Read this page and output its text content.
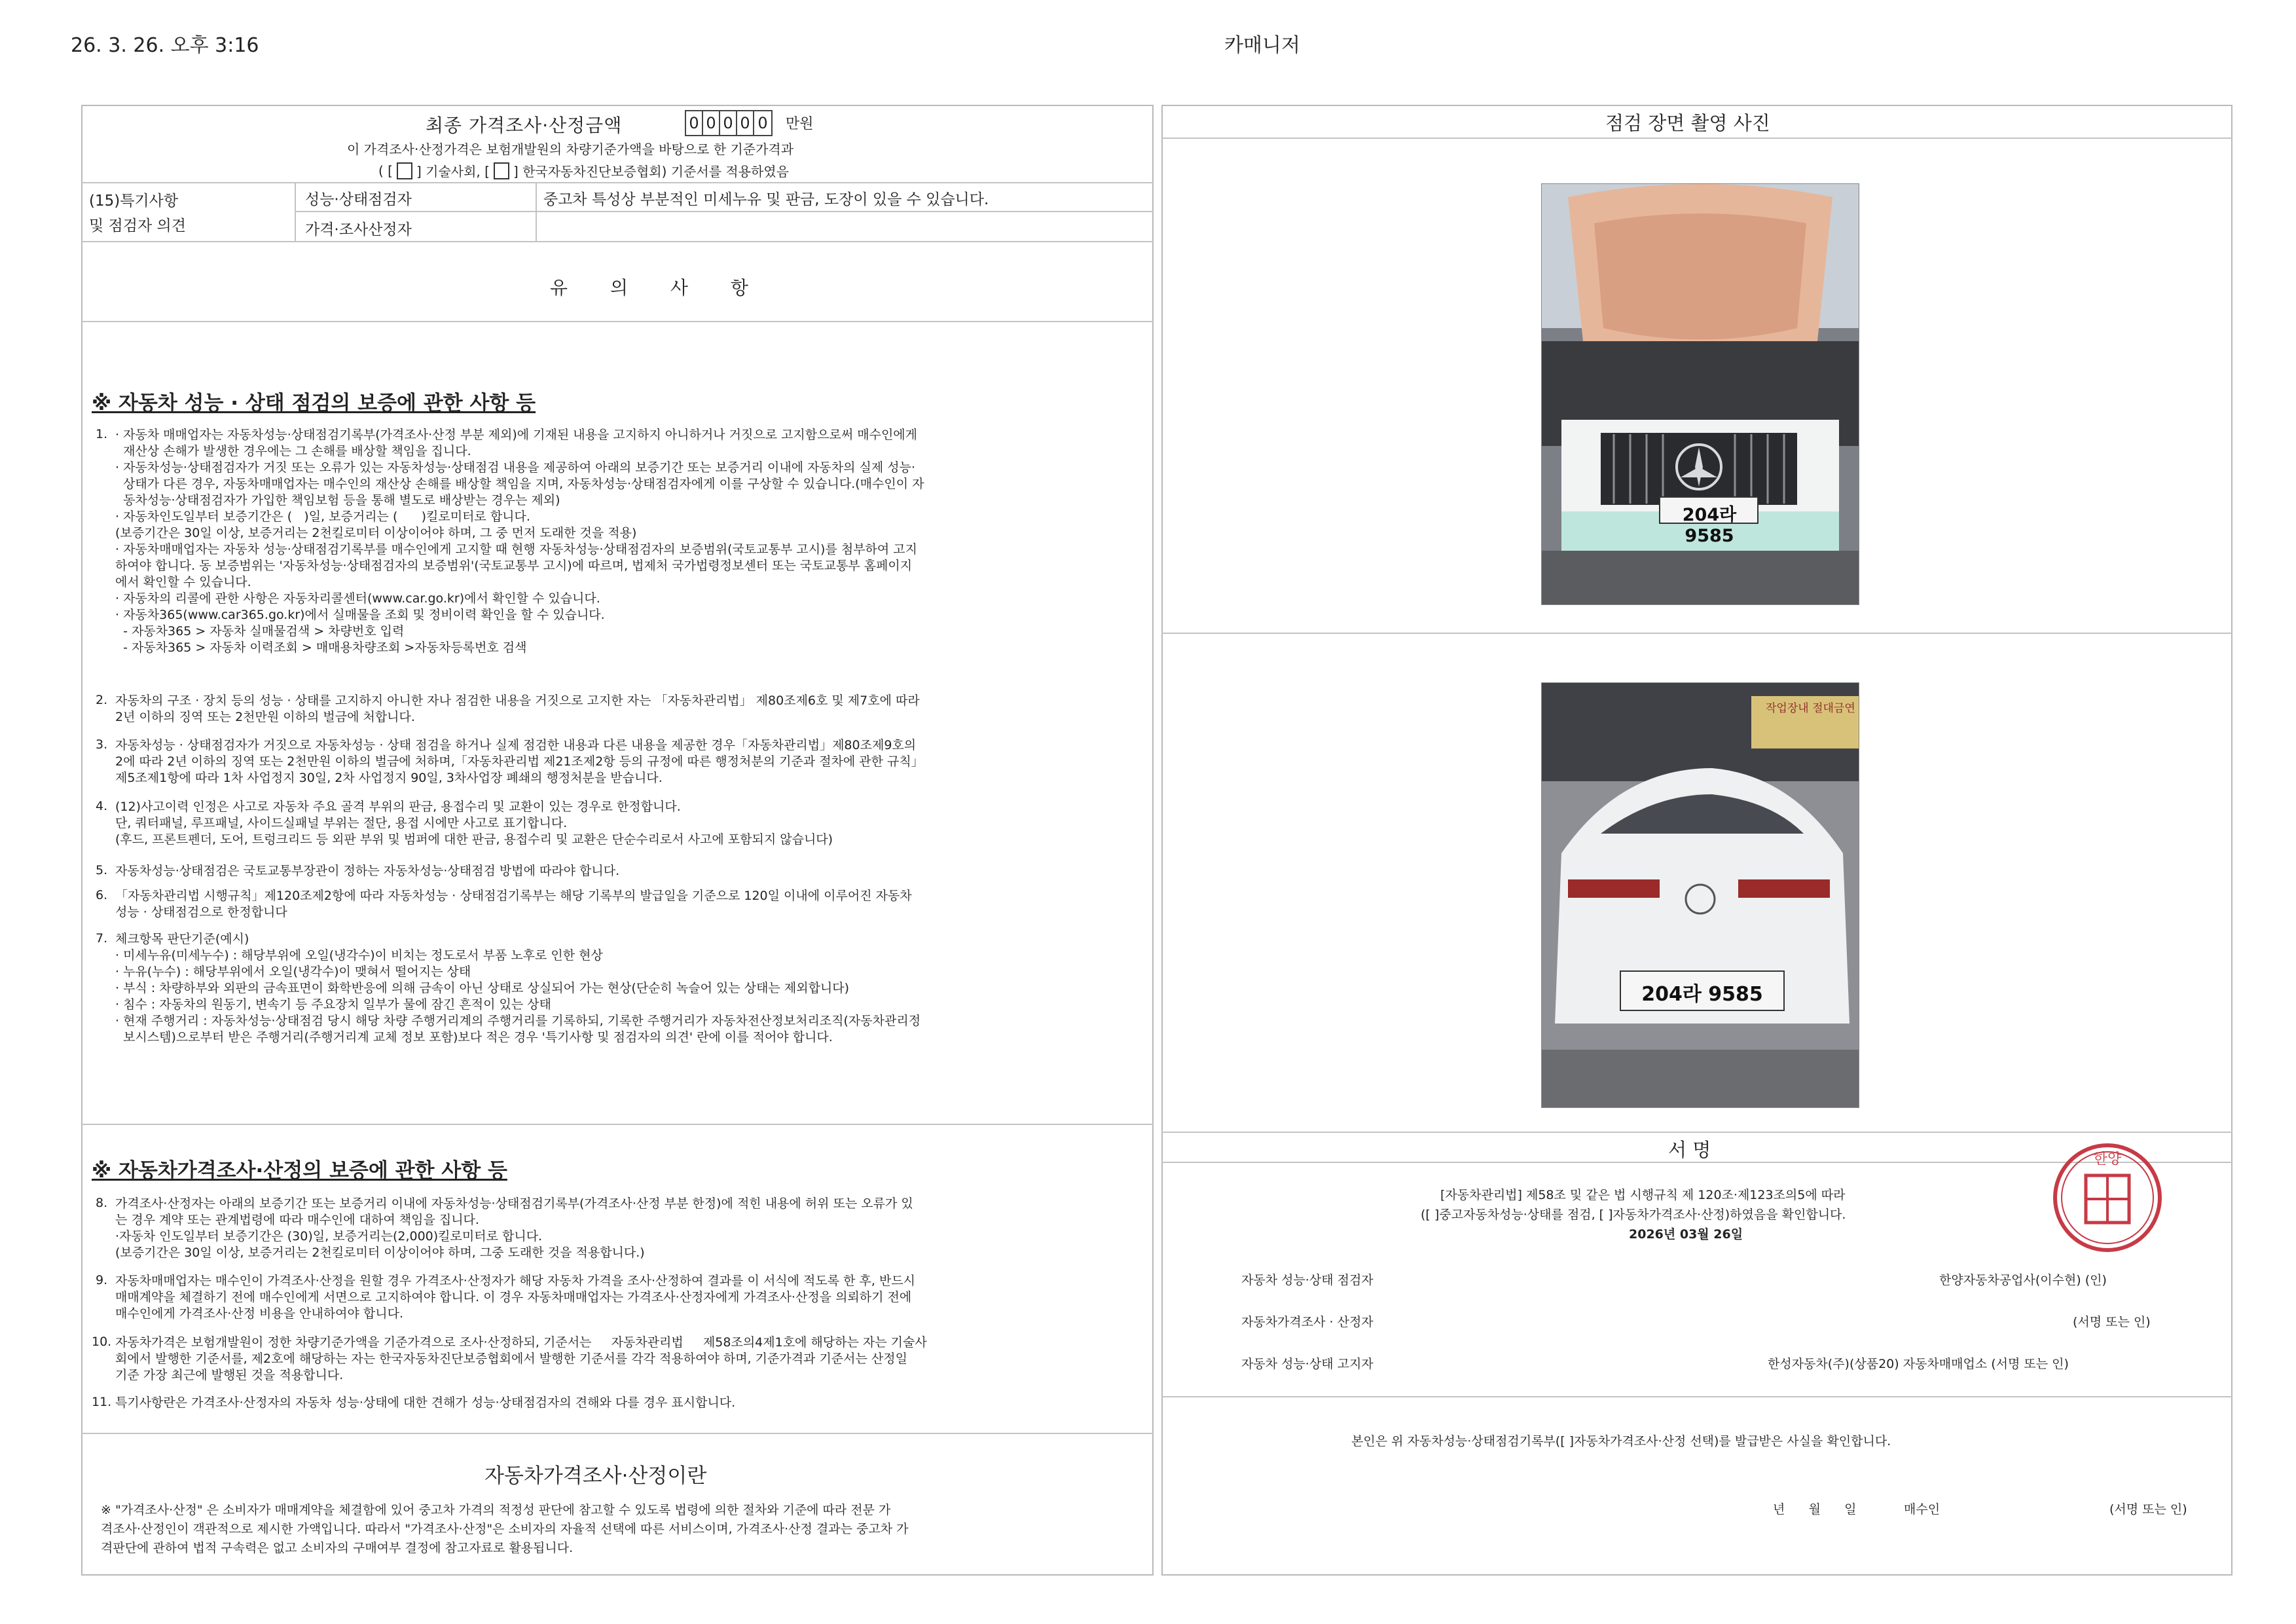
26. 3. 26. 오후 3:16	카매니저
최종 가격조사·산정금액	0 0 0 0 0 만원
이 가격조사·산정가격은 보험개발원의 차량기준가액을 바탕으로 한 기준가격과
( [ ] 기술사회, [ ] 한국자동차진단보증협회) 기준서를 적용하였음
(15)특기사항
및 점검자 의견
성능·상태점검자	중고차 특성상 부분적인 미세누유 및 판금, 도장이 있을 수 있습니다.
가격·조사산정자
유 의 사 항
※ 자동차 성능 · 상태 점검의 보증에 관한 사항 등
1. · 자동차 매매업자는 자동차성능·상태점검기록부(가격조사·산정 부분 제외)에 기재된 내용을 고지하지 아니하거나 거짓으로 고지함으로써 매수인에게
재산상 손해가 발생한 경우에는 그 손해를 배상할 책임을 집니다.
· 자동차성능·상태점검자가 거짓 또는 오류가 있는 자동차성능·상태점검 내용을 제공하여 아래의 보증기간 또는 보증거리 이내에 자동차의 실제 성능·
상태가 다른 경우, 자동차매매업자는 매수인의 재산상 손해를 배상할 책임을 지며, 자동차성능·상태점검자에게 이를 구상할 수 있습니다.(매수인이 자
동차성능·상태점검자가 가입한 책임보험 등을 통해 별도로 배상받는 경우는 제외)
· 자동차인도일부터 보증기간은 (   )일, 보증거리는 (      )킬로미터로 합니다.
(보증기간은 30일 이상, 보증거리는 2천킬로미터 이상이어야 하며, 그 중 먼저 도래한 것을 적용)
· 자동차매매업자는 자동차 성능·상태점검기록부를 매수인에게 고지할 때 현행 자동차성능·상태점검자의 보증범위(국토교통부 고시)를 첨부하여 고지
하여야 합니다. 동 보증범위는 '자동차성능·상태점검자의 보증범위'(국토교통부 고시)에 따르며, 법제처 국가법령정보센터 또는 국토교통부 홈페이지
에서 확인할 수 있습니다.
· 자동차의 리콜에 관한 사항은 자동차리콜센터(www.car.go.kr)에서 확인할 수 있습니다.
· 자동차365(www.car365.go.kr)에서 실매물을 조회 및 정비이력 확인을 할 수 있습니다.
- 자동차365 > 자동차 실매물검색 > 차량번호 입력
- 자동차365 > 자동차 이력조회 > 매매용차량조회 >자동차등록번호 검색
2. 자동차의 구조 · 장치 등의 성능 · 상태를 고지하지 아니한 자나 점검한 내용을 거짓으로 고지한 자는 「자동차관리법」 제80조제6호 및 제7호에 따라
2년 이하의 징역 또는 2천만원 이하의 벌금에 처합니다.
3. 자동차성능 · 상태점검자가 거짓으로 자동차성능 · 상태 점검을 하거나 실제 점검한 내용과 다른 내용을 제공한 경우「자동차관리법」제80조제9호의
2에 따라 2년 이하의 징역 또는 2천만원 이하의 벌금에 처하며,「자동차관리법 제21조제2항 등의 규정에 따른 행정처분의 기준과 절차에 관한 규칙」
제5조제1항에 따라 1차 사업정지 30일, 2차 사업정지 90일, 3차사업장 폐쇄의 행정처분을 받습니다.
4. (12)사고이력 인정은 사고로 자동차 주요 골격 부위의 판금, 용접수리 및 교환이 있는 경우로 한정합니다.
단, 쿼터패널, 루프패널, 사이드실패널 부위는 절단, 용접 시에만 사고로 표기합니다.
(후드, 프론트펜더, 도어, 트렁크리드 등 외판 부위 및 범퍼에 대한 판금, 용접수리 및 교환은 단순수리로서 사고에 포함되지 않습니다)
5. 자동차성능·상태점검은 국토교통부장관이 정하는 자동차성능·상태점검 방법에 따라야 합니다.
6. 「자동차관리법 시행규칙」제120조제2항에 따라 자동차성능 · 상태점검기록부는 해당 기록부의 발급일을 기준으로 120일 이내에 이루어진 자동차
성능 · 상태점검으로 한정합니다
7. 체크항목 판단기준(예시)
· 미세누유(미세누수) : 해당부위에 오일(냉각수)이 비치는 정도로서 부품 노후로 인한 현상
· 누유(누수) : 해당부위에서 오일(냉각수)이 맺혀서 떨어지는 상태
· 부식 : 차량하부와 외판의 금속표면이 화학반응에 의해 금속이 아닌 상태로 상실되어 가는 현상(단순히 녹슬어 있는 상태는 제외합니다)
· 침수 : 자동차의 원동기, 변속기 등 주요장치 일부가 물에 잠긴 흔적이 있는 상태
· 현재 주행거리 : 자동차성능·상태점검 당시 해당 차량 주행거리계의 주행거리를 기록하되, 기록한 주행거리가 자동차전산정보처리조직(자동차관리정
보시스템)으로부터 받은 주행거리(주행거리계 교체 정보 포함)보다 적은 경우 '특기사항 및 점검자의 의견' 란에 이를 적어야 합니다.
※ 자동차가격조사·산정의 보증에 관한 사항 등
8. 가격조사·산정자는 아래의 보증기간 또는 보증거리 이내에 자동차성능·상태점검기록부(가격조사·산정 부분 한정)에 적힌 내용에 허위 또는 오류가 있
는 경우 계약 또는 관계법령에 따라 매수인에 대하여 책임을 집니다.
·자동차 인도일부터 보증기간은 (30)일, 보증거리는(2,000)킬로미터로 합니다.
(보증기간은 30일 이상, 보증거리는 2천킬로미터 이상이어야 하며, 그중 도래한 것을 적용합니다.)
9. 자동차매매업자는 매수인이 가격조사·산정을 원할 경우 가격조사·산정자가 해당 자동차 가격을 조사·산정하여 결과를 이 서식에 적도록 한 후, 반드시
매매계약을 체결하기 전에 매수인에게 서면으로 고지하여야 합니다. 이 경우 자동차매매업자는 가격조사·산정자에게 가격조사·산정을 의뢰하기 전에
매수인에게 가격조사·산정 비용을 안내하여야 합니다.
10. 자동차가격은 보험개발원이 정한 차량기준가액을 기준가격으로 조사·산정하되, 기준서는     자동차관리법     제58조의4제1호에 해당하는 자는 기술사
회에서 발행한 기준서를, 제2호에 해당하는 자는 한국자동차진단보증협회에서 발행한 기준서를 각각 적용하여야 하며, 기준가격과 기준서는 산정일
기준 가장 최근에 발행된 것을 적용합니다.
11. 특기사항란은 가격조사·산정자의 자동차 성능·상태에 대한 견해가 성능·상태점검자의 견해와 다를 경우 표시합니다.
자동차가격조사·산정이란
※ "가격조사·산정" 은 소비자가 매매계약을 체결함에 있어 중고차 가격의 적정성 판단에 참고할 수 있도록 법령에 의한 절차와 기준에 따라 전문 가
격조사·산정인이 객관적으로 제시한 가액입니다. 따라서 "가격조사·산정"은 소비자의 자율적 선택에 따른 서비스이며, 가격조사·산정 결과는 중고차 가
격판단에 관하여 법적 구속력은 없고 소비자의 구매여부 결정에 참고자료로 활용됩니다.
점검 장면 촬영 사진
204라 9585
작업장내 절대금연
204라 9585
서 명
[자동차관리법] 제58조 및 같은 법 시행규칙 제 120조·제123조의5에 따라
([ ]중고자동차성능·상태를 점검, [ ]자동차가격조사·산정)하였음을 확인합니다.
2026년 03월 26일
자동차 성능·상태 점검자	한양자동차공업사(이수현) (인)
자동차가격조사 · 산정자	(서명 또는 인)
자동차 성능·상태 고지자	한성자동차(주)(상품20) 자동차매매업소 (서명 또는 인)
본인은 위 자동차성능·상태점검기록부([ ]자동차가격조사·산정 선택)를 발급받은 사실을 확인합니다.
년      월      일	매수인	(서명 또는 인)
한양
